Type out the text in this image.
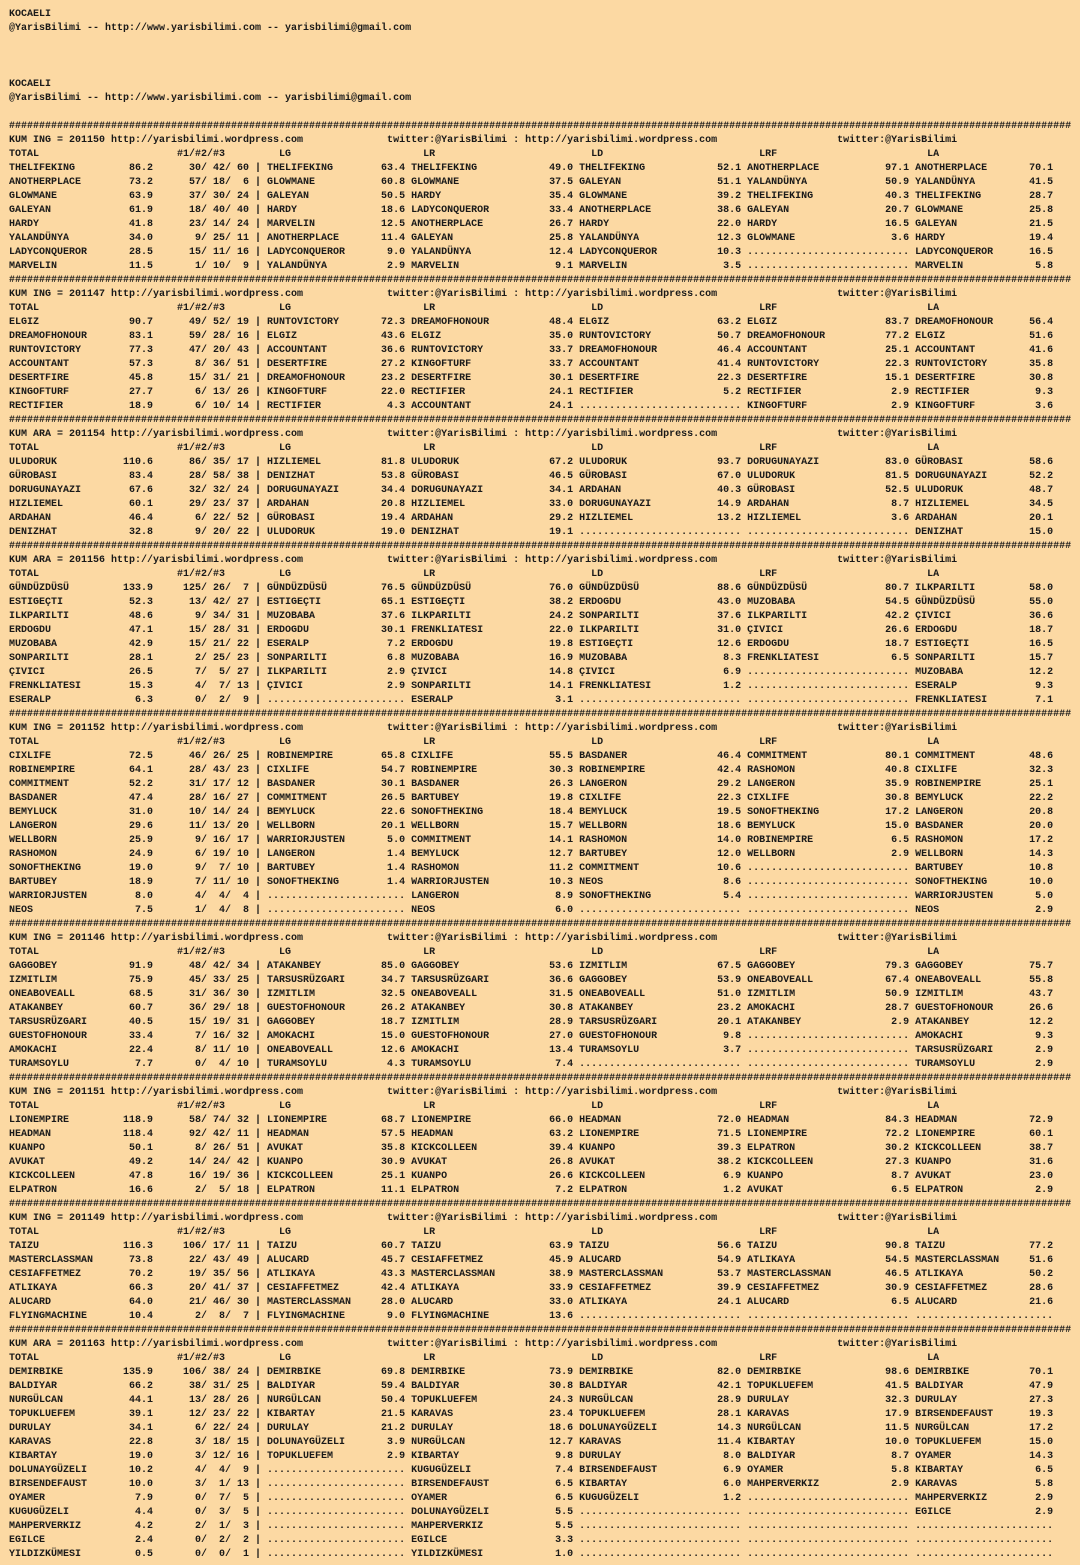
KOCAELI
@YarisBilimi -- http://www.yarisbilimi.com -- yarisbilimi@gmail.com

KOCAELI
@YarisBilimi -- http://www.yarisbilimi.com -- yarisbilimi@gmail.com

#################################################################################################################################################################################
KUM ING = 201150 http://yarisbilimi.wordpress.com              twitter:@YarisBilimi : http://yarisbilimi.wordpress.com                    twitter:@YarisBilimi
TOTAL                       #1/#2/#3         LG                      LR                          LD                          LRF                         LA
THELIFEKING         86.2      30/ 42/ 60 | THELIFEKING        63.4 THELIFEKING            49.0 THELIFEKING            52.1 ANOTHERPLACE           97.1 ANOTHERPLACE       70.1
ANOTHERPLACE        73.2      57/ 18/  6 | GLOWMANE           60.8 GLOWMANE               37.5 GALEYAN                51.1 YALANDÜNYA             50.9 YALANDÜNYA         41.5
GLOWMANE            63.9      37/ 30/ 24 | GALEYAN            50.5 HARDY                  35.4 GLOWMANE               39.2 THELIFEKING            40.3 THELIFEKING        28.7
GALEYAN             61.9      18/ 40/ 40 | HARDY              18.6 LADYCONQUEROR          33.4 ANOTHERPLACE           38.6 GALEYAN                20.7 GLOWMANE           25.8
HARDY               41.8      23/ 14/ 24 | MARVELIN           12.5 ANOTHERPLACE           26.7 HARDY                  22.0 HARDY                  16.5 GALEYAN            21.5
YALANDÜNYA          34.0       9/ 25/ 11 | ANOTHERPLACE       11.4 GALEYAN                25.8 YALANDÜNYA             12.3 GLOWMANE                3.6 HARDY              19.4
LADYCONQUEROR       28.5      15/ 11/ 16 | LADYCONQUEROR       9.0 YALANDÜNYA             12.4 LADYCONQUEROR          10.3 ........................... LADYCONQUEROR      16.5
MARVELIN            11.5       1/ 10/  9 | YALANDÜNYA          2.9 MARVELIN                9.1 MARVELIN                3.5 ........................... MARVELIN            5.8
#################################################################################################################################################################################
KUM ING = 201147 http://yarisbilimi.wordpress.com              twitter:@YarisBilimi : http://yarisbilimi.wordpress.com                    twitter:@YarisBilimi
TOTAL                       #1/#2/#3         LG                      LR                          LD                          LRF                         LA
ELGIZ               90.7      49/ 52/ 19 | RUNTOVICTORY       72.3 DREAMOFHONOUR          48.4 ELGIZ                  63.2 ELGIZ                  83.7 DREAMOFHONOUR      56.4
DREAMOFHONOUR       83.1      59/ 28/ 16 | ELGIZ              43.6 ELGIZ                  35.0 RUNTOVICTORY           50.7 DREAMOFHONOUR          77.2 ELGIZ              51.6
RUNTOVICTORY        77.3      47/ 20/ 43 | ACCOUNTANT         36.6 RUNTOVICTORY           33.7 DREAMOFHONOUR          46.4 ACCOUNTANT             25.1 ACCOUNTANT         41.6
ACCOUNTANT          57.3       8/ 36/ 51 | DESERTFIRE         27.2 KINGOFTURF             33.7 ACCOUNTANT             41.4 RUNTOVICTORY           22.3 RUNTOVICTORY       35.8
DESERTFIRE          45.8      15/ 31/ 21 | DREAMOFHONOUR      23.2 DESERTFIRE             30.1 DESERTFIRE             22.3 DESERTFIRE             15.1 DESERTFIRE         30.8
KINGOFTURF          27.7       6/ 13/ 26 | KINGOFTURF         22.0 RECTIFIER              24.1 RECTIFIER               5.2 RECTIFIER               2.9 RECTIFIER           9.3
RECTIFIER           18.9       6/ 10/ 14 | RECTIFIER           4.3 ACCOUNTANT             24.1 ........................... KINGOFTURF              2.9 KINGOFTURF          3.6
#################################################################################################################################################################################
KUM ARA = 201154 http://yarisbilimi.wordpress.com              twitter:@YarisBilimi : http://yarisbilimi.wordpress.com                    twitter:@YarisBilimi
TOTAL                       #1/#2/#3         LG                      LR                          LD                          LRF                         LA
ULUDORUK           110.6      86/ 35/ 17 | HIZLIEMEL          81.8 ULUDORUK               67.2 ULUDORUK               93.7 DORUGUNAYAZI           83.0 GÜROBASI           58.6
GÜROBASI            83.4      28/ 58/ 38 | DENIZHAT           53.8 GÜROBASI               46.5 GÜROBASI               67.0 ULUDORUK               81.5 DORUGUNAYAZI       52.2
DORUGUNAYAZI        67.6      32/ 32/ 24 | DORUGUNAYAZI       34.4 DORUGUNAYAZI           34.1 ARDAHAN                40.3 GÜROBASI               52.5 ULUDORUK           48.7
HIZLIEMEL           60.1      29/ 23/ 37 | ARDAHAN            20.8 HIZLIEMEL              33.0 DORUGUNAYAZI           14.9 ARDAHAN                 8.7 HIZLIEMEL          34.5
ARDAHAN             46.4       6/ 22/ 52 | GÜROBASI           19.4 ARDAHAN                29.2 HIZLIEMEL              13.2 HIZLIEMEL               3.6 ARDAHAN            20.1
DENIZHAT            32.8       9/ 20/ 22 | ULUDORUK           19.0 DENIZHAT               19.1 ........................... ........................... DENIZHAT           15.0
#################################################################################################################################################################################
KUM ARA = 201156 http://yarisbilimi.wordpress.com              twitter:@YarisBilimi : http://yarisbilimi.wordpress.com                    twitter:@YarisBilimi
TOTAL                       #1/#2/#3         LG                      LR                          LD                          LRF                         LA
GÜNDÜZDÜSÜ         133.9     125/ 26/  7 | GÜNDÜZDÜSÜ         76.5 GÜNDÜZDÜSÜ             76.0 GÜNDÜZDÜSÜ             88.6 GÜNDÜZDÜSÜ             80.7 ILKPARILTI         58.0
ESTIGEÇTI           52.3      13/ 42/ 27 | ESTIGEÇTI          65.1 ESTIGEÇTI              38.2 ERDOGDU                43.0 MUZOBABA               54.5 GÜNDÜZDÜSÜ         55.0
ILKPARILTI          48.6       9/ 34/ 31 | MUZOBABA           37.6 ILKPARILTI             24.2 SONPARILTI             37.6 ILKPARILTI             42.2 ÇIVICI             36.6
ERDOGDU             47.1      15/ 28/ 31 | ERDOGDU            30.1 FRENKLIATESI           22.0 ILKPARILTI             31.0 ÇIVICI                 26.6 ERDOGDU            18.7
MUZOBABA            42.9      15/ 21/ 22 | ESERALP             7.2 ERDOGDU                19.8 ESTIGEÇTI              12.6 ERDOGDU                18.7 ESTIGEÇTI          16.5
SONPARILTI          28.1       2/ 25/ 23 | SONPARILTI          6.8 MUZOBABA               16.9 MUZOBABA                8.3 FRENKLIATESI            6.5 SONPARILTI         15.7
ÇIVICI              26.5       7/  5/ 27 | ILKPARILTI          2.9 ÇIVICI                 14.8 ÇIVICI                  6.9 ........................... MUZOBABA           12.2
FRENKLIATESI        15.3       4/  7/ 13 | ÇIVICI              2.9 SONPARILTI             14.1 FRENKLIATESI            1.2 ........................... ESERALP             9.3
ESERALP              6.3       0/  2/  9 | ....................... ESERALP                 3.1 ........................... ........................... FRENKLIATESI        7.1
#################################################################################################################################################################################
KUM ING = 201152 http://yarisbilimi.wordpress.com              twitter:@YarisBilimi : http://yarisbilimi.wordpress.com                    twitter:@YarisBilimi
TOTAL                       #1/#2/#3         LG                      LR                          LD                          LRF                         LA
CIXLIFE             72.5      46/ 26/ 25 | ROBINEMPIRE        65.8 CIXLIFE                55.5 BASDANER               46.4 COMMITMENT             80.1 COMMITMENT         48.6
ROBINEMPIRE         64.1      28/ 43/ 23 | CIXLIFE            54.7 ROBINEMPIRE            30.3 ROBINEMPIRE            42.4 RASHOMON               40.8 CIXLIFE            32.3
COMMITMENT          52.2      31/ 17/ 12 | BASDANER           30.1 BASDANER               26.3 LANGERON               29.2 LANGERON               35.9 ROBINEMPIRE        25.1
BASDANER            47.4      28/ 16/ 27 | COMMITMENT         26.5 BARTUBEY               19.8 CIXLIFE                22.3 CIXLIFE                30.8 BEMYLUCK           22.2
BEMYLUCK            31.0      10/ 14/ 24 | BEMYLUCK           22.6 SONOFTHEKING           18.4 BEMYLUCK               19.5 SONOFTHEKING           17.2 LANGERON           20.8
LANGERON            29.6      11/ 13/ 20 | WELLBORN           20.1 WELLBORN               15.7 WELLBORN               18.6 BEMYLUCK               15.0 BASDANER           20.0
WELLBORN            25.9       9/ 16/ 17 | WARRIORJUSTEN       5.0 COMMITMENT             14.1 RASHOMON               14.0 ROBINEMPIRE             6.5 RASHOMON           17.2
RASHOMON            24.9       6/ 19/ 10 | LANGERON            1.4 BEMYLUCK               12.7 BARTUBEY               12.0 WELLBORN                2.9 WELLBORN           14.3
SONOFTHEKING        19.0       9/  7/ 10 | BARTUBEY            1.4 RASHOMON               11.2 COMMITMENT             10.6 ........................... BARTUBEY           10.8
BARTUBEY            18.9       7/ 11/ 10 | SONOFTHEKING        1.4 WARRIORJUSTEN          10.3 NEOS                    8.6 ........................... SONOFTHEKING       10.0
WARRIORJUSTEN        8.0       4/  4/  4 | ....................... LANGERON                8.9 SONOFTHEKING            5.4 ........................... WARRIORJUSTEN       5.0
NEOS                 7.5       1/  4/  8 | ....................... NEOS                    6.0 ........................... ........................... NEOS                2.9
#################################################################################################################################################################################
KUM ING = 201146 http://yarisbilimi.wordpress.com              twitter:@YarisBilimi : http://yarisbilimi.wordpress.com                    twitter:@YarisBilimi
TOTAL                       #1/#2/#3         LG                      LR                          LD                          LRF                         LA
GAGGOBEY            91.9      48/ 42/ 34 | ATAKANBEY          85.0 GAGGOBEY               53.6 IZMITLIM               67.5 GAGGOBEY               79.3 GAGGOBEY           75.7
IZMITLIM            75.9      45/ 33/ 25 | TARSUSRÜZGARI      34.7 TARSUSRÜZGARI          36.6 GAGGOBEY               53.9 ONEABOVEALL            67.4 ONEABOVEALL        55.8
ONEABOVEALL         68.5      31/ 36/ 30 | IZMITLIM           32.5 ONEABOVEALL            31.5 ONEABOVEALL            51.0 IZMITLIM               50.9 IZMITLIM           43.7
ATAKANBEY           60.7      36/ 29/ 18 | GUESTOFHONOUR      26.2 ATAKANBEY              30.8 ATAKANBEY              23.2 AMOKACHI               28.7 GUESTOFHONOUR      26.6
TARSUSRÜZGARI       40.5      15/ 19/ 31 | GAGGOBEY           18.7 IZMITLIM               28.9 TARSUSRÜZGARI          20.1 ATAKANBEY               2.9 ATAKANBEY          12.2
GUESTOFHONOUR       33.4       7/ 16/ 32 | AMOKACHI           15.0 GUESTOFHONOUR          27.0 GUESTOFHONOUR           9.8 ........................... AMOKACHI            9.3
AMOKACHI            22.4       8/ 11/ 10 | ONEABOVEALL        12.6 AMOKACHI               13.4 TURAMSOYLU              3.7 ........................... TARSUSRÜZGARI       2.9
TURAMSOYLU           7.7       0/  4/ 10 | TURAMSOYLU          4.3 TURAMSOYLU              7.4 ........................... ........................... TURAMSOYLU          2.9
#################################################################################################################################################################################
KUM ING = 201151 http://yarisbilimi.wordpress.com              twitter:@YarisBilimi : http://yarisbilimi.wordpress.com                    twitter:@YarisBilimi
TOTAL                       #1/#2/#3         LG                      LR                          LD                          LRF                         LA
LIONEMPIRE         118.9      58/ 74/ 32 | LIONEMPIRE         68.7 LIONEMPIRE             66.0 HEADMAN                72.0 HEADMAN                84.3 HEADMAN            72.9
HEADMAN            118.4      92/ 42/ 11 | HEADMAN            57.5 HEADMAN                63.2 LIONEMPIRE             71.5 LIONEMPIRE             72.2 LIONEMPIRE         60.1
KUANPO              50.1       8/ 26/ 51 | AVUKAT             35.8 KICKCOLLEEN            39.4 KUANPO                 39.3 ELPATRON               30.2 KICKCOLLEEN        38.7
AVUKAT              49.2      14/ 24/ 42 | KUANPO             30.9 AVUKAT                 26.8 AVUKAT                 38.2 KICKCOLLEEN            27.3 KUANPO             31.6
KICKCOLLEEN         47.8      16/ 19/ 36 | KICKCOLLEEN        25.1 KUANPO                 26.6 KICKCOLLEEN             6.9 KUANPO                  8.7 AVUKAT             23.0
ELPATRON            16.6       2/  5/ 18 | ELPATRON           11.1 ELPATRON                7.2 ELPATRON                1.2 AVUKAT                  6.5 ELPATRON            2.9
#################################################################################################################################################################################
KUM ING = 201149 http://yarisbilimi.wordpress.com              twitter:@YarisBilimi : http://yarisbilimi.wordpress.com                    twitter:@YarisBilimi
TOTAL                       #1/#2/#3         LG                      LR                          LD                          LRF                         LA
TAIZU              116.3     106/ 17/ 11 | TAIZU              60.7 TAIZU                  63.9 TAIZU                  56.6 TAIZU                  90.8 TAIZU              77.2
MASTERCLASSMAN      73.8      22/ 43/ 49 | ALUCARD            45.7 CESIAFFETMEZ           45.9 ALUCARD                54.9 ATLIKAYA               54.5 MASTERCLASSMAN     51.6
CESIAFFETMEZ        70.2      19/ 35/ 56 | ATLIKAYA           43.3 MASTERCLASSMAN         38.9 MASTERCLASSMAN         53.7 MASTERCLASSMAN         46.5 ATLIKAYA           50.2
ATLIKAYA            66.3      20/ 41/ 37 | CESIAFFETMEZ       42.4 ATLIKAYA               33.9 CESIAFFETMEZ           39.9 CESIAFFETMEZ           30.9 CESIAFFETMEZ       28.6
ALUCARD             64.0      21/ 46/ 30 | MASTERCLASSMAN     28.0 ALUCARD                33.0 ATLIKAYA               24.1 ALUCARD                 6.5 ALUCARD            21.6
FLYINGMACHINE       10.4       2/  8/  7 | FLYINGMACHINE       9.0 FLYINGMACHINE          13.6 ........................... ........................... .......................
#################################################################################################################################################################################
KUM ARA = 201163 http://yarisbilimi.wordpress.com              twitter:@YarisBilimi : http://yarisbilimi.wordpress.com                    twitter:@YarisBilimi
TOTAL                       #1/#2/#3         LG                      LR                          LD                          LRF                         LA
DEMIRBIKE          135.9     106/ 38/ 24 | DEMIRBIKE          69.8 DEMIRBIKE              73.9 DEMIRBIKE              82.0 DEMIRBIKE              98.6 DEMIRBIKE          70.1
BALDIYAR            66.2      38/ 31/ 25 | BALDIYAR           59.4 BALDIYAR               30.8 BALDIYAR               42.1 TOPUKLUEFEM            41.5 BALDIYAR           47.9
NURGÜLCAN           44.1      13/ 28/ 26 | NURGÜLCAN          50.4 TOPUKLUEFEM            24.3 NURGÜLCAN              28.9 DURULAY                32.3 DURULAY            27.3
TOPUKLUEFEM         39.1      12/ 23/ 22 | KIBARTAY           21.5 KARAVAS                23.4 TOPUKLUEFEM            28.1 KARAVAS                17.9 BIRSENDEFAUST      19.3
DURULAY             34.1       6/ 22/ 24 | DURULAY            21.2 DURULAY                18.6 DOLUNAYGÜZELI          14.3 NURGÜLCAN              11.5 NURGÜLCAN          17.2
KARAVAS             22.8       3/ 18/ 15 | DOLUNAYGÜZELI       3.9 NURGÜLCAN              12.7 KARAVAS                11.4 KIBARTAY               10.0 TOPUKLUEFEM        15.0
KIBARTAY            19.0       3/ 12/ 16 | TOPUKLUEFEM         2.9 KIBARTAY                9.8 DURULAY                 8.0 BALDIYAR                8.7 OYAMER             14.3
DOLUNAYGÜZELI       10.2       4/  4/  9 | ....................... KUGUGÜZELI              7.4 BIRSENDEFAUST           6.9 OYAMER                  5.8 KIBARTAY            6.5
BIRSENDEFAUST       10.0       3/  1/ 13 | ....................... BIRSENDEFAUST           6.5 KIBARTAY                6.0 MAHPERVERKIZ            2.9 KARAVAS             5.8
OYAMER               7.9       0/  7/  5 | ....................... OYAMER                  6.5 KUGUGÜZELI              1.2 ........................... MAHPERVERKIZ        2.9
KUGUGÜZELI           4.4       0/  3/  5 | ....................... DOLUNAYGÜZELI           5.5 ........................... ........................... EGILCE              2.9
MAHPERVERKIZ         4.2       2/  1/  3 | ....................... MAHPERVERKIZ            5.5 ........................... ........................... .......................
EGILCE               2.4       0/  2/  2 | ....................... EGILCE                  3.3 ........................... ........................... .......................
YILDIZKÜMESI         0.5       0/  0/  1 | ....................... YILDIZKÜMESI            1.0 ........................... ........................... .......................
